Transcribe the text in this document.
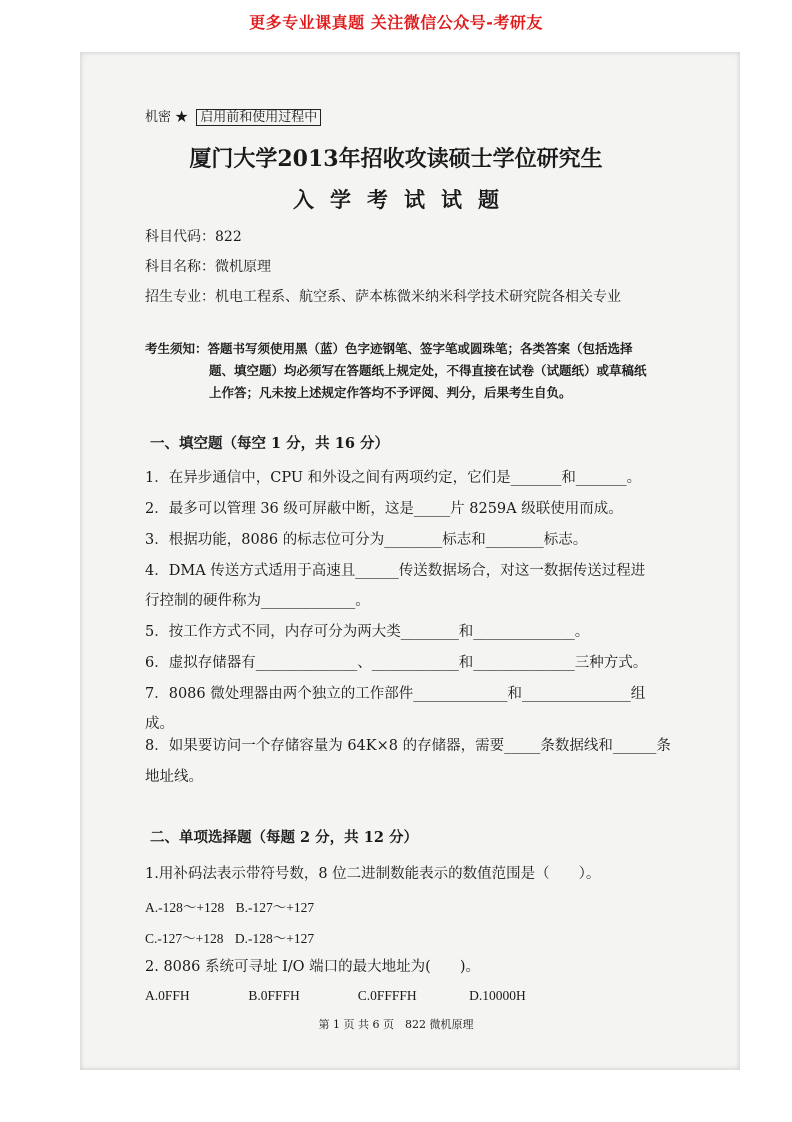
更多专业课真题 关注微信公众号-考研友
机密 ★ 启用前和使用过程中
厦门大学2013年招收攻读硕士学位研究生
入学考试试题
科目代码：822
科目名称：微机原理
招生专业：机电工程系、航空系、萨本栋微米纳米科学技术研究院各相关专业
考生须知：答题书写须使用黑（蓝）色字迹钢笔、签字笔或圆珠笔；各类答案（包括选择
题、填空题）均必须写在答题纸上规定处，不得直接在试卷（试题纸）或草稿纸
上作答；凡未按上述规定作答均不予评阅、判分，后果考生自负。
一、填空题（每空 1 分，共 16 分）
1．在异步通信中，CPU 和外设之间有两项约定，它们是_______和_______。
2．最多可以管理 36 级可屏蔽中断，这是_____片 8259A 级联使用而成。
3．根据功能，8086 的标志位可分为________标志和________标志。
4．DMA 传送方式适用于高速且______传送数据场合，对这一数据传送过程进
行控制的硬件称为_____________。
5．按工作方式不同，内存可分为两大类________和______________。
6．虚拟存储器有______________、____________和______________三种方式。
7．8086 微处理器由两个独立的工作部件_____________和_______________组
成。
8．如果要访问一个存储容量为 64K×8 的存储器，需要_____条数据线和______条
地址线。
二、单项选择题（每题 2 分，共 12 分）
1.用补码法表示带符号数，8 位二进制数能表示的数值范围是（　　）。
A.-128～+128 B.-127～+127
C.-127～+128 D.-128～+127
2. 8086 系统可寻址 I/O 端口的最大地址为(　　)。
A.0FFH	B.0FFFH	C.0FFFFH	D.10000H
第 1 页 共 6 页　822 微机原理
